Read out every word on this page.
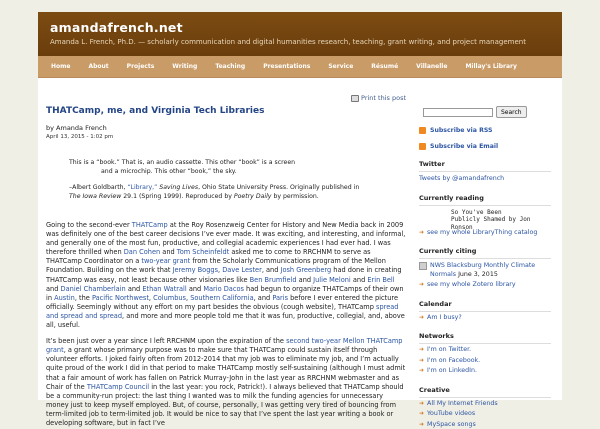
amandafrench.net
Amanda L. French, Ph.D. — scholarly communication and digital humanities research, teaching, grant writing, and project management
Home	About	Projects	Writing	Teaching	Presentations	Service	Résumé	Villanelle	Millay's Library
Print this post
THATCamp, me, and Virginia Tech Libraries
by Amanda French
April 13, 2015 - 1:02 pm
This is a “book.” That is, an audio cassette. This other “book” is a screen
and a microchip. This other “book,” the sky.
–Albert Goldbarth, “Library,” Saving Lives, Ohio State University Press. Originally published in The Iowa Review 29.1 (Spring 1999). Reproduced by Poetry Daily by permission.

Going to the second-ever THATCamp at the Roy Rosenzweig Center for History and New Media back in 2009 was definitely one of the best career decisions I’ve ever made. It was exciting, and interesting, and informal, and generally one of the most fun, productive, and collegial academic experiences I had ever had. I was therefore thrilled when Dan Cohen and Tom Scheinfeldt asked me to come to RRCHNM to serve as THATCamp Coordinator on a two-year grant from the Scholarly Communications program of the Mellon Foundation. Building on the work that Jeremy Boggs, Dave Lester, and Josh Greenberg had done in creating THATCamp was easy, not least because other visionaries like Ben Brumfield and Julie Meloni and Erin Bell and Daniel Chamberlain and Ethan Watrall and Mario Dacos had begun to organize THATCamps of their own in Austin, the Pacific Northwest, Columbus, Southern California, and Paris before I ever entered the picture officially. Seemingly without any effort on my part besides the obvious (cough website), THATCamp spread and spread and spread, and more and more people told me that it was fun, productive, collegial, and, above all, useful.

It’s been just over a year since I left RRCHNM upon the expiration of the second two-year Mellon THATCamp grant, a grant whose primary purpose was to make sure that THATCamp could sustain itself through volunteer efforts. I joked fairly often from 2012-2014 that my job was to eliminate my job, and I’m actually quite proud of the work I did in that period to make THATCamp mostly self-sustaining (although I must admit that a fair amount of work has fallen on Patrick Murray-John in the last year as RRCHNM webmaster and as Chair of the THATCamp Council in the last year: you rock, Patrick!). I always believed that THATCamp should be a community-run project: the last thing I wanted was to milk the funding agencies for unnecessary money just to keep myself employed. But, of course, personally, I was getting very tired of bouncing from term-limited job to term-limited job. It would be nice to say that I’ve spent the last year writing a book or developing software, but in fact I’ve

Search
Subscribe via RSS
Subscribe via Email
Twitter
Tweets by @amandafrench
Currently reading
So You've Been
Publicly Shamed by Jon Ronson
➜ see my whole LibraryThing catalog
Currently citing
NWS Blacksburg Monthly Climate Normals June 3, 2015
➜ see my whole Zotero library
Calendar
➜ Am I busy?
Networks
➜ I'm on Twitter.
➜ I'm on Facebook.
➜ I'm on LinkedIn.
Creative
➜ All My Internet Friends
➜ YouTube videos
➜ MySpace songs
